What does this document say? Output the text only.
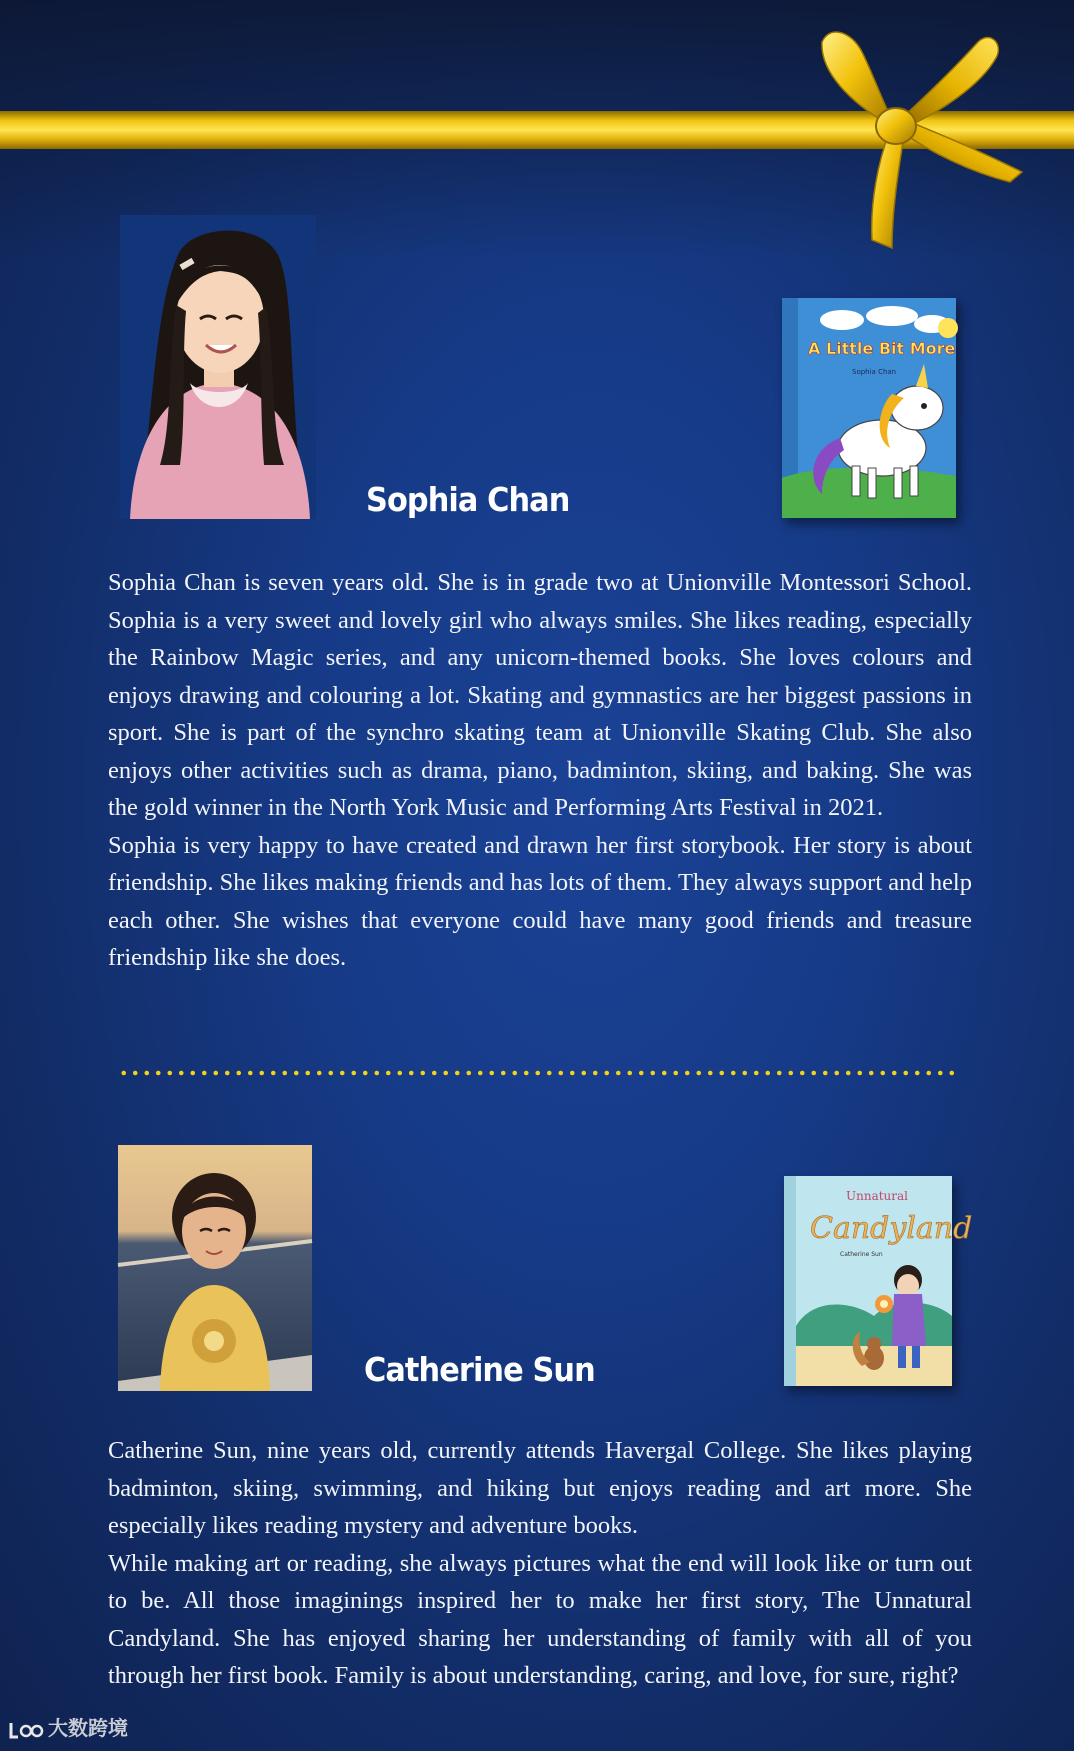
A Little Bit More
Sophia Chan
Sophia Chan

Sophia Chan is seven years old. She is in grade two at Unionville Montessori School. Sophia is a very sweet and lovely girl who always smiles. She likes reading, especially the Rainbow Magic series, and any unicorn-themed books. She loves colours and enjoys drawing and colouring a lot. Skating and gymnastics are her biggest passions in sport. She is part of the synchro skating team at Unionville Skating Club. She also enjoys other activities such as drama, piano, badminton, skiing, and baking. She was the gold winner in the North York Music and Performing Arts Festival in 2021.

Sophia is very happy to have created and drawn her first storybook. Her story is about friendship. She likes making friends and has lots of them. They always support and help each other. She wishes that everyone could have many good friends and treasure friendship like she does.

Unnatural
Candyland
Catherine Sun
Catherine Sun

Catherine Sun, nine years old, currently attends Havergal College. She likes playing badminton, skiing, swimming, and hiking but enjoys reading and art more. She especially likes reading mystery and adventure books.

While making art or reading, she always pictures what the end will look like or turn out to be. All those imaginings inspired her to make her first story, The Unnatural Candyland. She has enjoyed sharing her understanding of family with all of you through her first book. Family is about understanding, caring, and love, for sure, right?

大数跨境
